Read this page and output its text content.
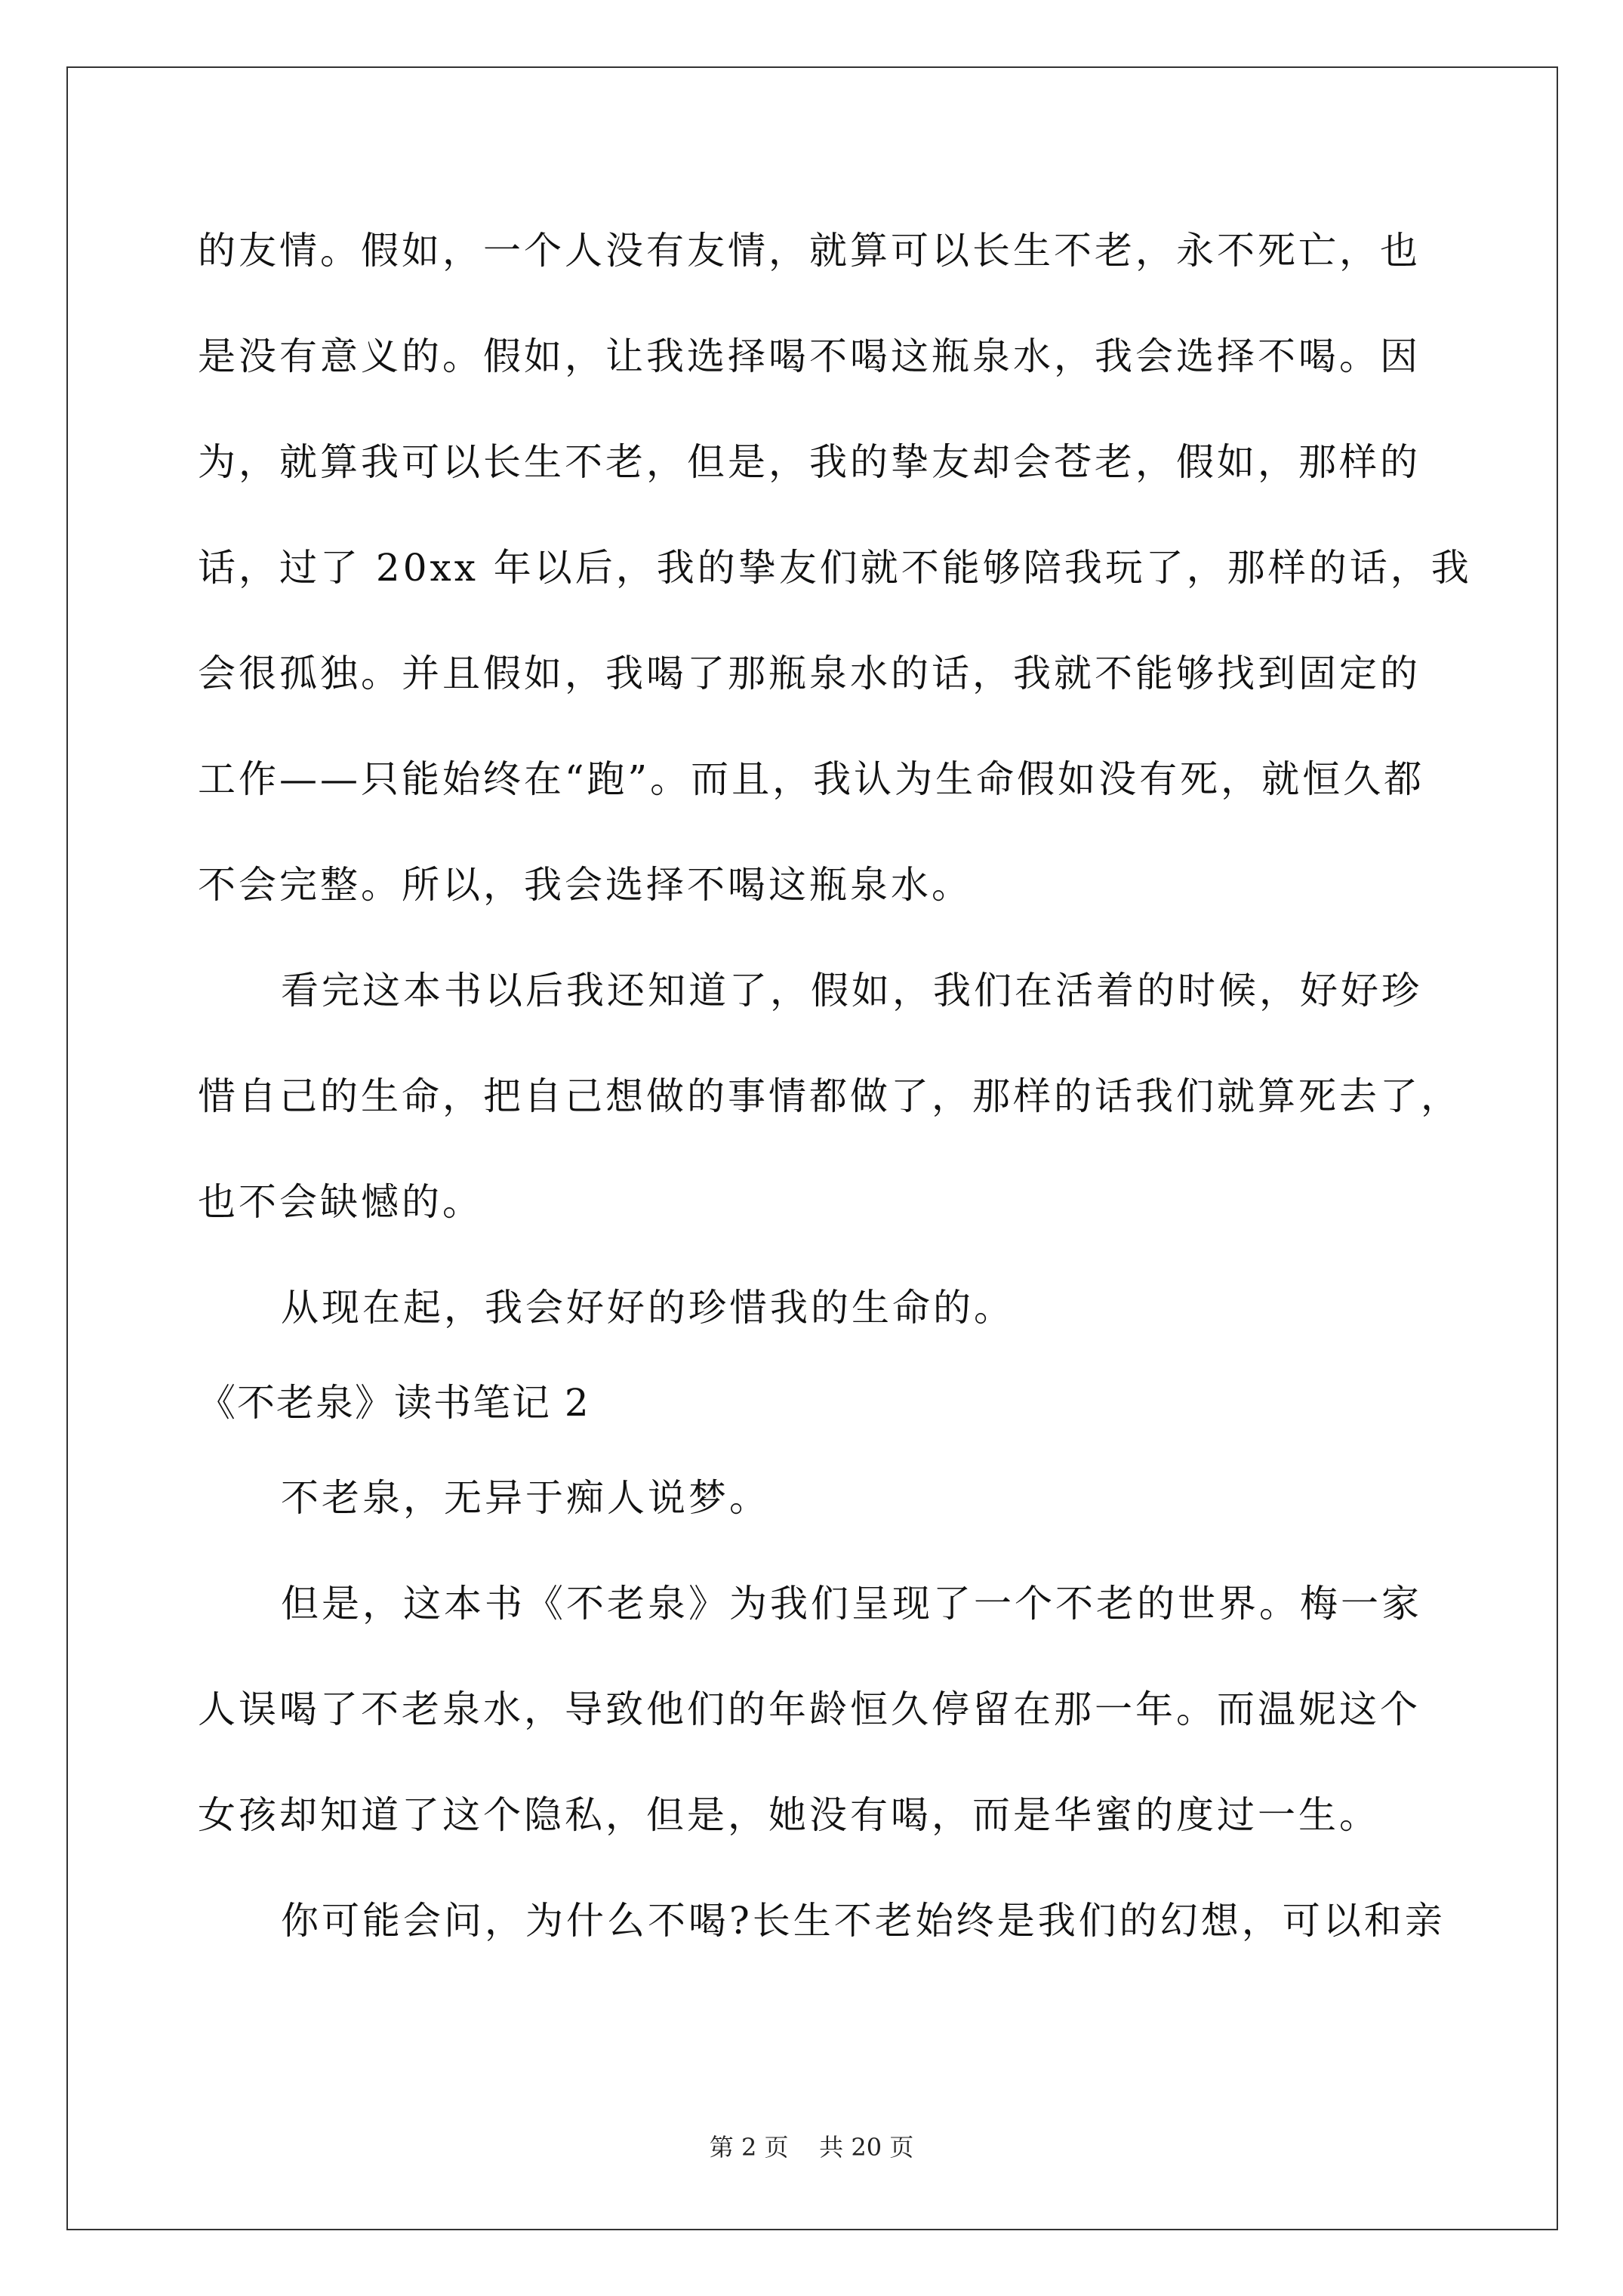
的友情。假如，一个人没有友情，就算可以长生不老，永不死亡，也
是没有意义的。假如，让我选择喝不喝这瓶泉水，我会选择不喝。因
为，就算我可以长生不老，但是，我的挚友却会苍老，假如，那样的
话，过了 20xx 年以后，我的挚友们就不能够陪我玩了，那样的话，我
会很孤独。并且假如，我喝了那瓶泉水的话，我就不能够找到固定的
工作——只能始终在“跑”。而且，我认为生命假如没有死，就恒久都
不会完整。所以，我会选择不喝这瓶泉水。
看完这本书以后我还知道了，假如，我们在活着的时候，好好珍
惜自己的生命，把自己想做的事情都做了，那样的话我们就算死去了，
也不会缺憾的。
从现在起，我会好好的珍惜我的生命的。
《不老泉》读书笔记 2
不老泉，无异于痴人说梦。
但是，这本书《不老泉》为我们呈现了一个不老的世界。梅一家
人误喝了不老泉水，导致他们的年龄恒久停留在那一年。而温妮这个
女孩却知道了这个隐私，但是，她没有喝，而是华蜜的度过一生。
你可能会问，为什么不喝?长生不老始终是我们的幻想，可以和亲
第 2 页    共 20 页
